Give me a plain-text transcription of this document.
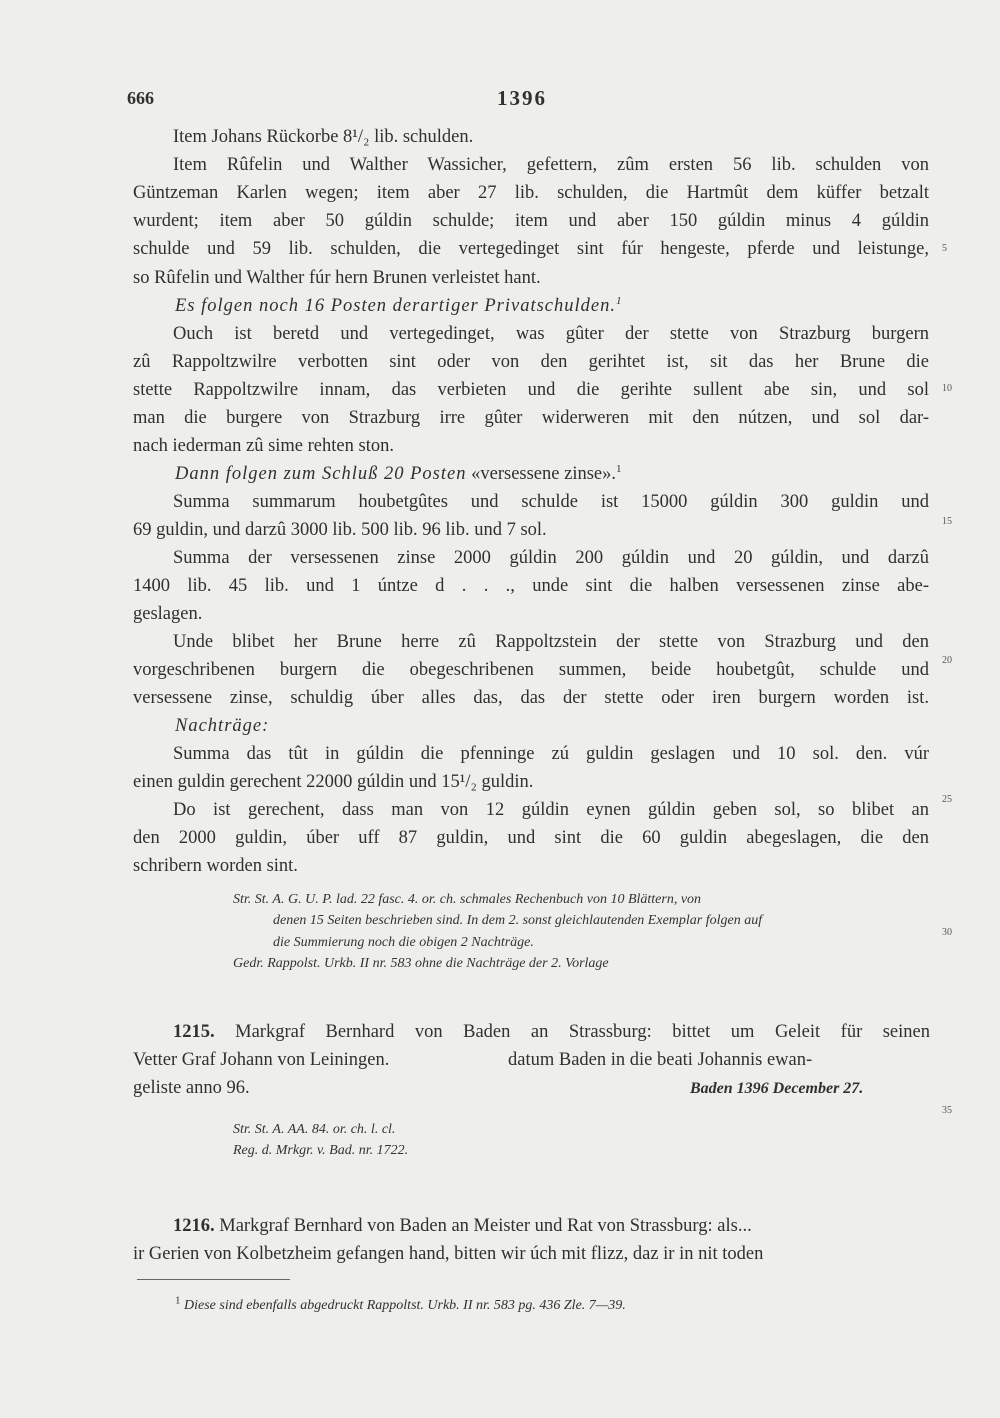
666	1396
Item Johans Rückorbe 8¹/₂ lib. schulden.
Item Rûfelin und Walther Wassicher, gefettern, zûm ersten 56 lib. schulden von
Güntzeman Karlen wegen; item aber 27 lib. schulden, die Hartmût dem küffer betzalt
wurdent; item aber 50 gúldin schulde; item und aber 150 gúldin minus 4 gúldin
schulde und 59 lib. schulden, die vertegedinget sint fúr hengeste, pferde und leistunge,
so Rûfelin und Walther fúr hern Brunen verleistet hant.
Es folgen noch 16 Posten derartiger Privatschulden.$^1$
Ouch ist beretd und vertegedinget, was gûter der stette von Strazburg burgern
zû Rappoltzwilre verbotten sint oder von den gerihtet ist, sit das her Brune die
stette Rappoltzwilre innam, das verbieten und die gerihte sullent abe sin, und sol
man die burgere von Strazburg irre gûter widerweren mit den nútzen, und sol dar-
nach iederman zû sime rehten ston.
Dann folgen zum Schluß 20 Posten «versessene zinse».$^1$
Summa summarum houbetgûtes und schulde ist 15000 gúldin 300 guldin und
69 guldin, und darzû 3000 lib. 500 lib. 96 lib. und 7 sol.
Summa der versessenen zinse 2000 gúldin 200 gúldin und 20 gúldin, und darzû
1400 lib. 45 lib. und 1 úntze d . . ., unde sint die halben versessenen zinse abe-
geslagen.
Unde blibet her Brune herre zû Rappoltzstein der stette von Strazburg und den
vorgeschribenen burgern die obegeschribenen summen, beide houbetgût, schulde und
versessene zinse, schuldig úber alles das, das der stette oder iren burgern worden ist.
Nachträge:
Summa das tût in gúldin die pfenninge zú guldin geslagen und 10 sol. den. vúr
einen guldin gerechent 22000 gúldin und 15¹/₂ guldin.
Do ist gerechent, dass man von 12 gúldin eynen gúldin geben sol, so blibet an
den 2000 guldin, úber uff 87 guldin, und sint die 60 guldin abegeslagen, die den
schribern worden sint.
Str. St. A. G. U. P. lad. 22 fasc. 4. or. ch. schmales Rechenbuch von 10 Blättern, von
denen 15 Seiten beschrieben sind. In dem 2. sonst gleichlautenden Exemplar folgen auf
die Summierung noch die obigen 2 Nachträge.
Gedr. Rappolst. Urkb. II nr. 583 ohne die Nachträge der 2. Vorlage
1215. Markgraf Bernhard von Baden an Strassburg: bittet um Geleit für seinen
Vetter Graf Johann von Leiningen.	datum Baden in die beati Johannis ewan-
geliste anno 96.	Baden 1396 December 27.
Str. St. A. AA. 84. or. ch. l. cl.
Reg. d. Mrkgr. v. Bad. nr. 1722.
1216. Markgraf Bernhard von Baden an Meister und Rat von Strassburg: als...
ir Gerien von Kolbetzheim gefangen hand, bitten wir úch mit flizz, daz ir in nit toden
$^1$ Diese sind ebenfalls abgedruckt Rappoltst. Urkb. II nr. 583 pg. 436 Zle. 7—39.
5
10
15
20
25
30
35
